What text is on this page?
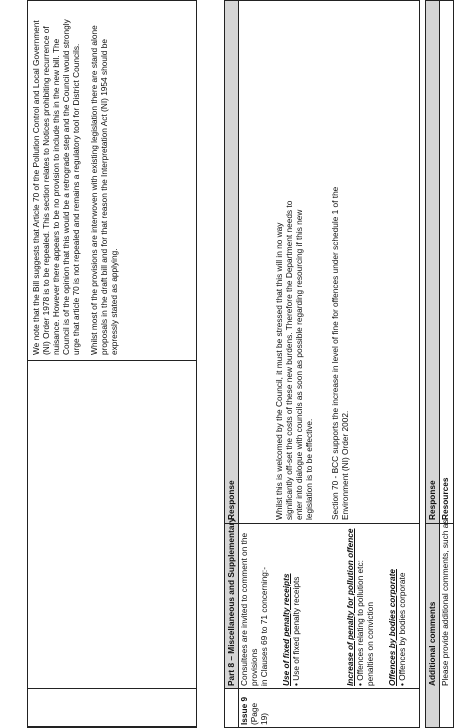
We note that the Bill suggests that Article 70 of the Pollution Control and Local Government (NI) Order 1978 is to be repealed. This section relates to Notices prohibiting recurrence of nuisance. However there appears to be no provision to include this in the new bill. The Council is of the opinion that this would be a retrograde step and the Council would strongly urge that article 70 is not repealed and remains a regulatory tool for District Councils. Whilst most of the provisions are interwoven with existing legislation there are stand alone proposals in the draft bill and for that reason the Interpretation Act (NI) 1954 should be expressly stated as applying.

Part 8 – Miscellaneous and Supplementary
Response
Issue 9 (Page 19)
Consultees are invited to comment on the provisions in Clauses 69 to 71 concerning:- Use of fixed penalty receipts • Use of fixed penalty receipts	Increase of penalty for pollution offence • Offences relating to pollution etc: penalties on conviction Offences by bodies corporate • Offences by bodies corporate

Whilst this is welcomed by the Council, it must be stressed that this will in no way significantly off-set the costs of these new burdens. Therefore the Department needs to enter into dialogue with councils as soon as possible regarding resourcing if this new legislation is to be effective. Section 70 - BCC supports the increase in level of fine for offences under schedule 1 of the Environment (NI) Order 2002.

Additional comments
Response
Please provide additional comments, such as
Resources
